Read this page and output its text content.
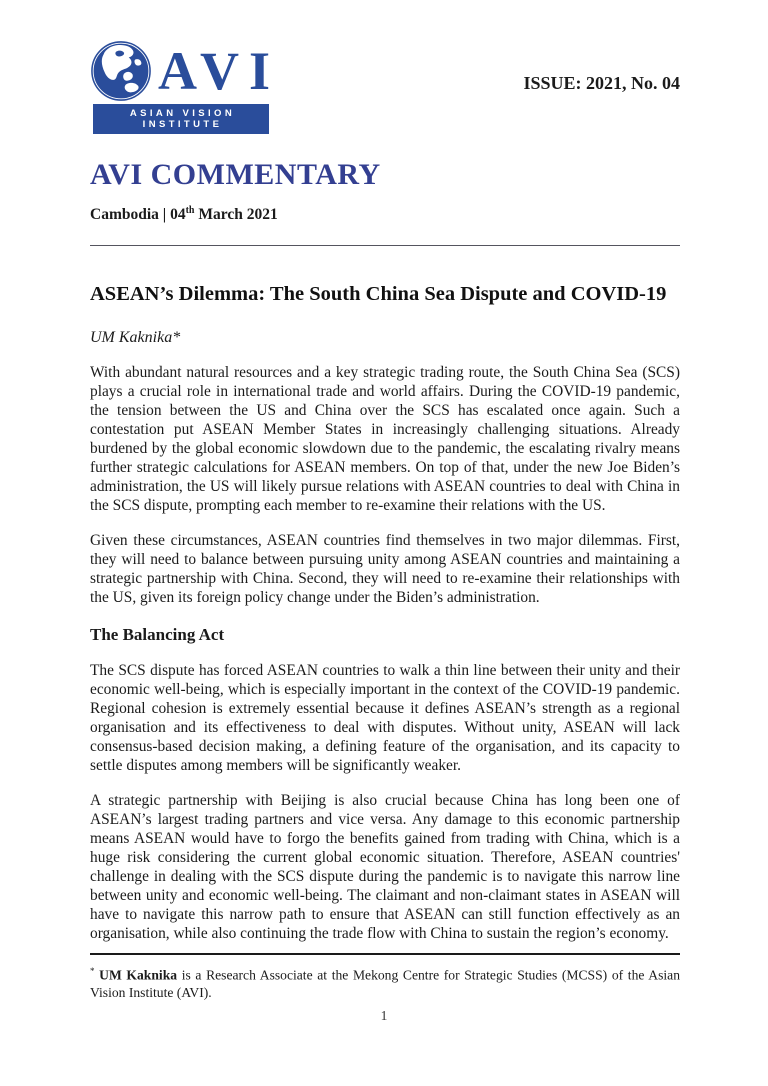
AVI
ASIAN VISION INSTITUTE
ISSUE: 2021, No. 04
AVI COMMENTARY
Cambodia | 04th March 2021
ASEAN’s Dilemma: The South China Sea Dispute and COVID-19
UM Kaknika*

With abundant natural resources and a key strategic trading route, the South China Sea (SCS) plays a crucial role in international trade and world affairs. During the COVID-19 pandemic, the tension between the US and China over the SCS has escalated once again. Such a contestation put ASEAN Member States in increasingly challenging situations. Already burdened by the global economic slowdown due to the pandemic, the escalating rivalry means further strategic calculations for ASEAN members. On top of that, under the new Joe Biden’s administration, the US will likely pursue relations with ASEAN countries to deal with China in the SCS dispute, prompting each member to re-examine their relations with the US.

Given these circumstances, ASEAN countries find themselves in two major dilemmas. First, they will need to balance between pursuing unity among ASEAN countries and maintaining a strategic partnership with China. Second, they will need to re-examine their relationships with the US, given its foreign policy change under the Biden’s administration.

The Balancing Act

The SCS dispute has forced ASEAN countries to walk a thin line between their unity and their economic well-being, which is especially important in the context of the COVID-19 pandemic. Regional cohesion is extremely essential because it defines ASEAN’s strength as a regional organisation and its effectiveness to deal with disputes. Without unity, ASEAN will lack consensus-based decision making, a defining feature of the organisation, and its capacity to settle disputes among members will be significantly weaker.

A strategic partnership with Beijing is also crucial because China has long been one of ASEAN’s largest trading partners and vice versa. Any damage to this economic partnership means ASEAN would have to forgo the benefits gained from trading with China, which is a huge risk considering the current global economic situation. Therefore, ASEAN countries' challenge in dealing with the SCS dispute during the pandemic is to navigate this narrow line between unity and economic well-being. The claimant and non-claimant states in ASEAN will have to navigate this narrow path to ensure that ASEAN can still function effectively as an organisation, while also continuing the trade flow with China to sustain the region’s economy.

* UM Kaknika is a Research Associate at the Mekong Centre for Strategic Studies (MCSS) of the Asian Vision Institute (AVI).
1
